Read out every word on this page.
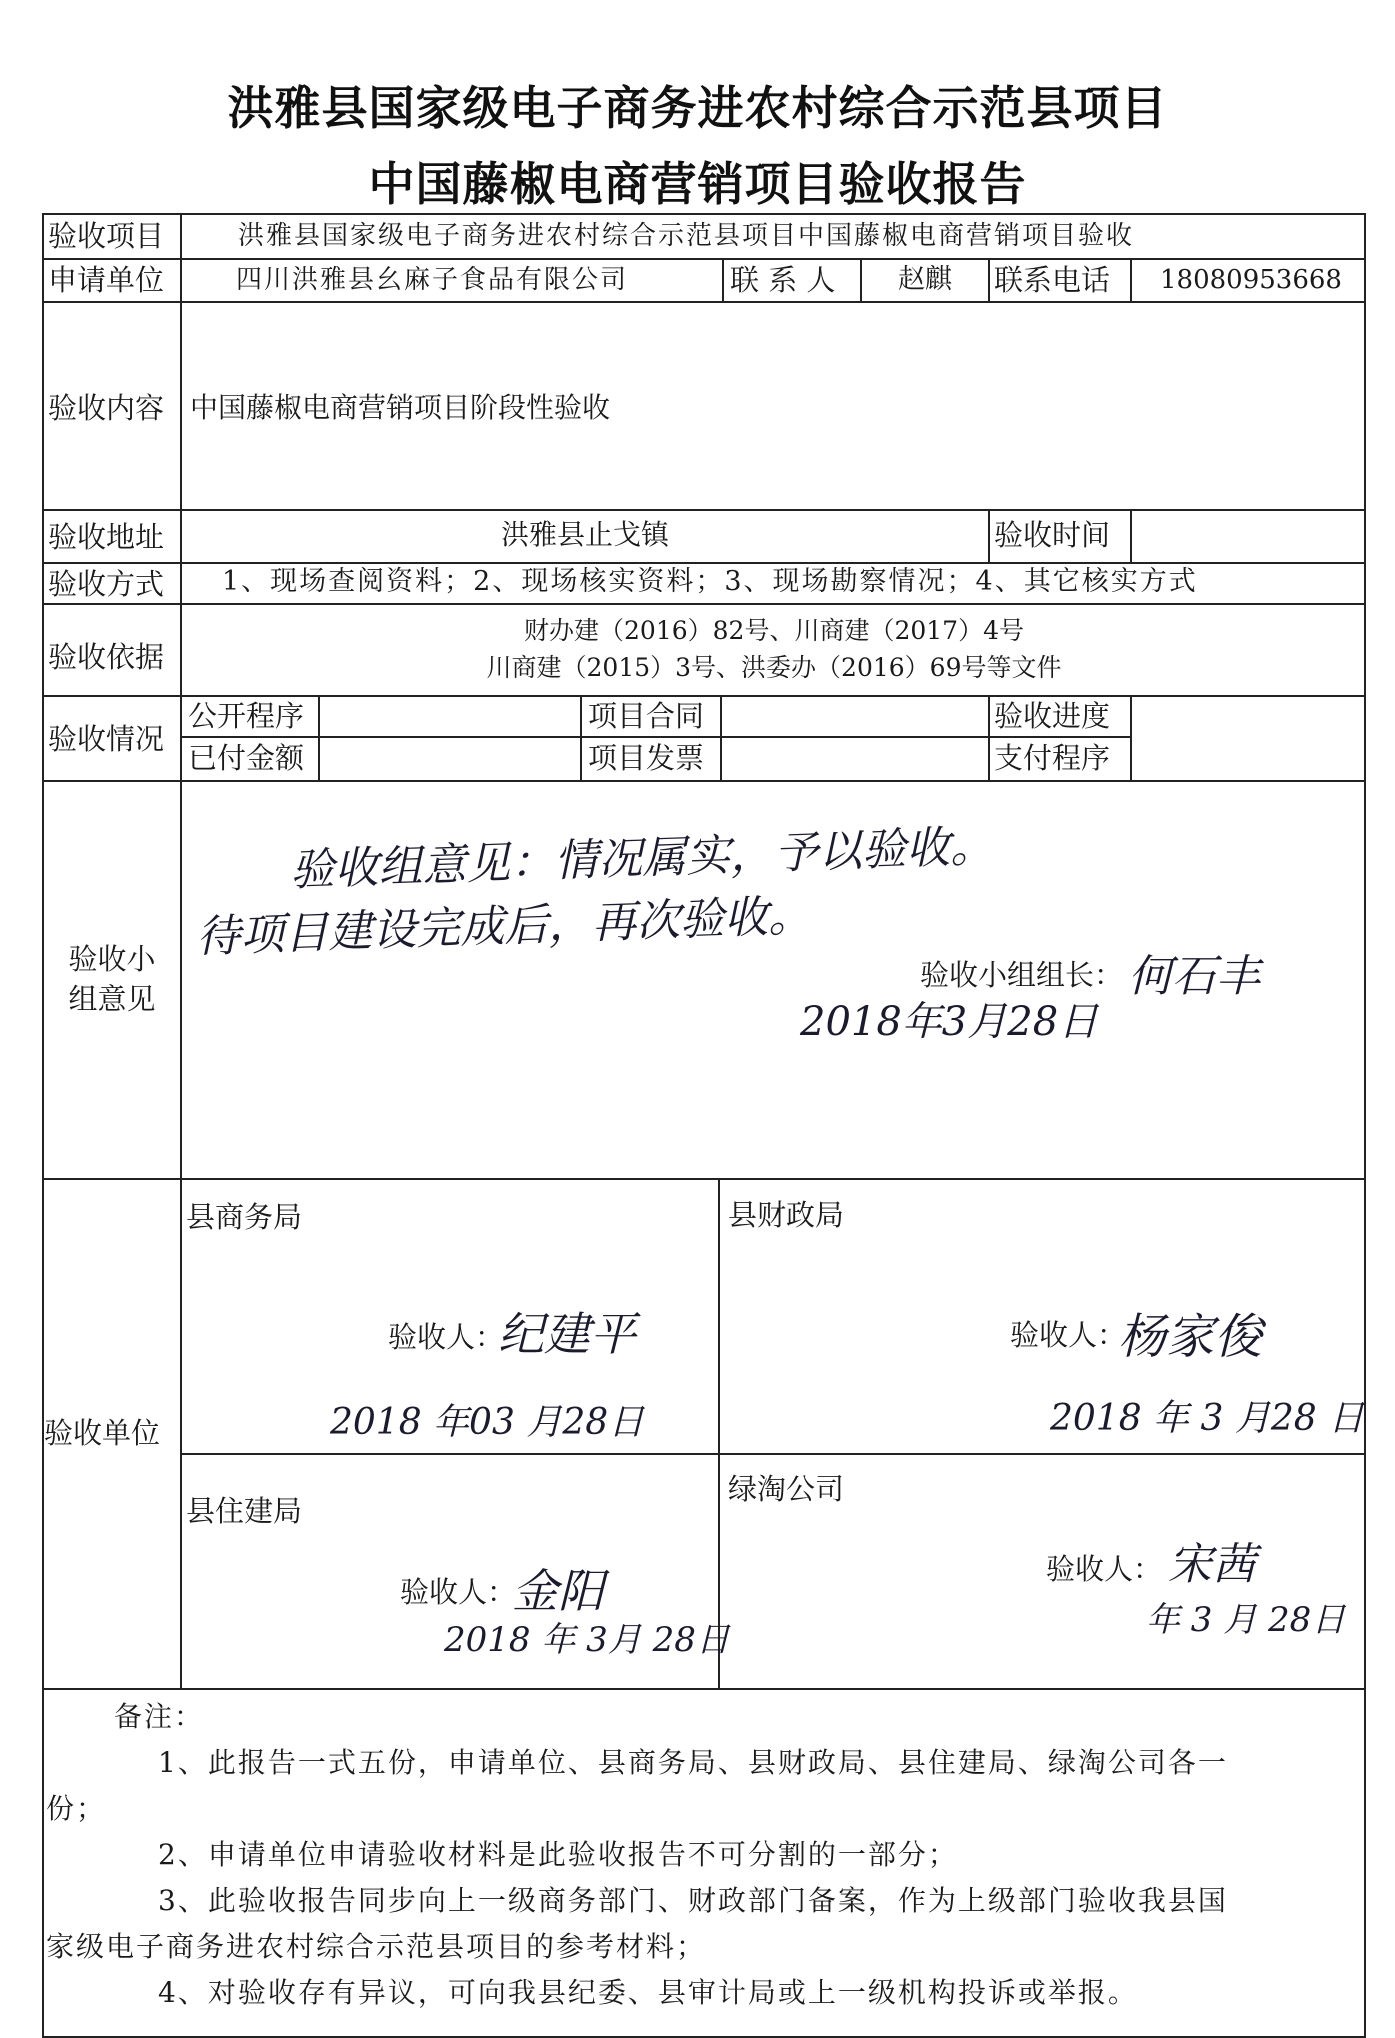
洪雅县国家级电子商务进农村综合示范县项目
中国藤椒电商营销项目验收报告
验收项目	洪雅县国家级电子商务进农村综合示范县项目中国藤椒电商营销项目验收
申请单位	四川洪雅县幺麻子食品有限公司	联 系 人 赵麒 联系电话 18080953668
验收内容 中国藤椒电商营销项目阶段性验收
验收地址	洪雅县止戈镇	验收时间
验收方式 1、现场查阅资料；2、现场核实资料；3、现场勘察情况；4、其它核实方式
验收依据
财办建（2016）82号、川商建（2017）4号
川商建（2015）3号、洪委办（2016）69号等文件
验收情况
公开程序	项目合同	验收进度
已付金额	项目发票	支付程序
验收小
组意见
验收组意见：情况属实，予以验收。
待项目建设完成后，再次验收。
验收小组组长： 何石丰
2018年3月28日
验收单位
县商务局
验收人：
纪建平
2018 年03 月28日
县财政局
验收人：
杨家俊
2018 年 3 月28 日
县住建局
验收人：
金阳
2018 年 3月 28日
绿淘公司
验收人： 宋茜
年 3 月 28日
备注：
1、此报告一式五份，申请单位、县商务局、县财政局、县住建局、绿淘公司各一
份；
2、申请单位申请验收材料是此验收报告不可分割的一部分；
3、此验收报告同步向上一级商务部门、财政部门备案，作为上级部门验收我县国
家级电子商务进农村综合示范县项目的参考材料；
4、对验收存有异议，可向我县纪委、县审计局或上一级机构投诉或举报。
